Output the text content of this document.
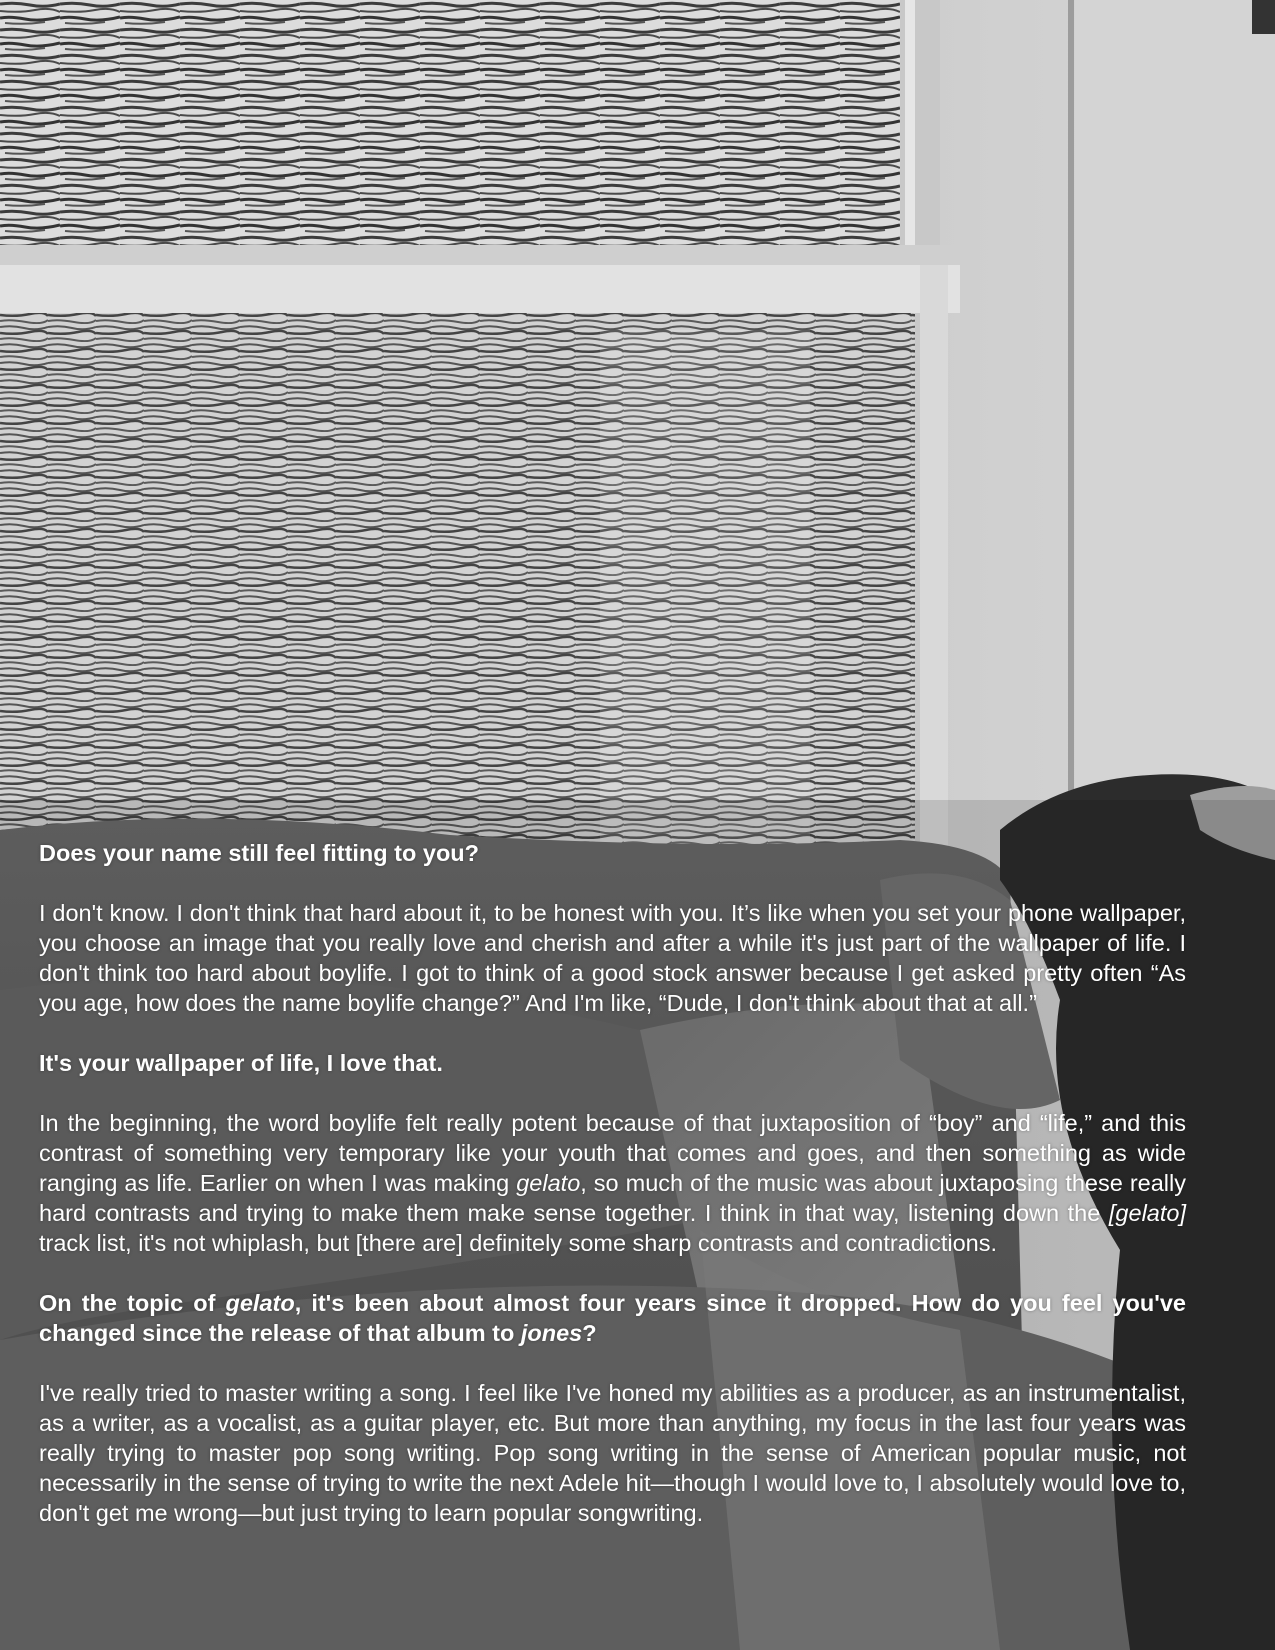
Does your name still feel fitting to you?

I don't know. I don't think that hard about it, to be honest with you. It’s like when you set your phone wallpaper, you choose an image that you really love and cherish and after a while it's just part of the wallpaper of life. I don't think too hard about boylife. I got to think of a good stock answer because I get asked pretty often “As you age, how does the name boylife change?” And I'm like, “Dude, I don't think about that at all.”

It's your wallpaper of life, I love that.

In the beginning, the word boylife felt really potent because of that juxtaposition of “boy” and “life,” and this contrast of something very temporary like your youth that comes and goes, and then something as wide ranging as life. Earlier on when I was making gelato, so much of the music was about juxtaposing these really hard contrasts and trying to make them make sense together. I think in that way, listening down the [gelato] track list, it's not whiplash, but [there are] definitely some sharp contrasts and contradictions.

On the topic of gelato, it's been about almost four years since it dropped. How do you feel you've changed since the release of that album to jones?

I've really tried to master writing a song. I feel like I've honed my abilities as a producer, as an instrumentalist, as a writer, as a vocalist, as a guitar player, etc. But more than anything, my focus in the last four years was really trying to master pop song writing. Pop song writing in the sense of American popular music, not necessarily in the sense of trying to write the next Adele hit—though I would love to, I absolutely would love to, don't get me wrong—but just trying to learn popular songwriting.
